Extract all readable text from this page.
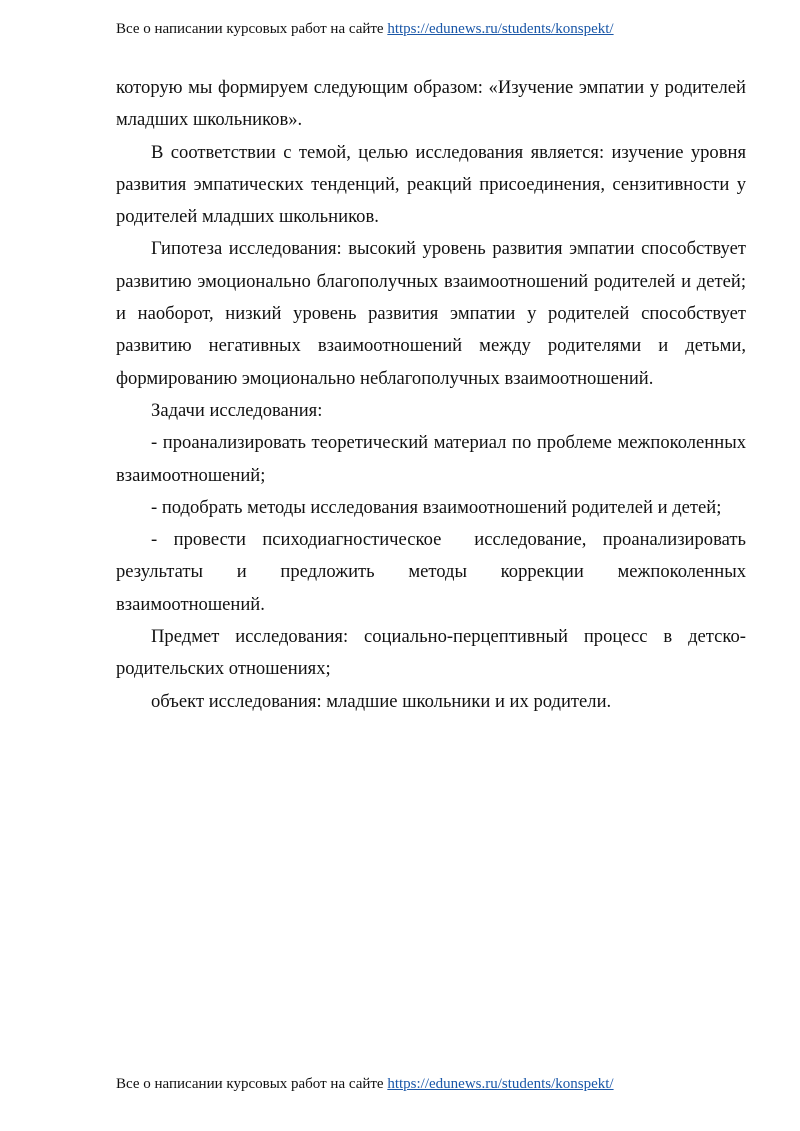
Все о написании курсовых работ на сайте https://edunews.ru/students/konspekt/

которую мы формируем следующим образом: «Изучение эмпатии у родителей младших школьников».

В соответствии с темой, целью исследования является: изучение уровня развития эмпатических тенденций, реакций присоединения, сензитивности у родителей младших школьников.

Гипотеза исследования: высокий уровень развития эмпатии способствует развитию эмоционально благополучных взаимоотношений родителей и детей; и наоборот, низкий уровень развития эмпатии у родителей способствует развитию негативных взаимоотношений между родителями и детьми, формированию эмоционально неблагополучных взаимоотношений.

Задачи исследования:

- проанализировать теоретический материал по проблеме межпоколенных  взаимоотношений;

- подобрать методы исследования взаимоотношений родителей и детей;

- провести психодиагностическое  исследование, проанализировать результаты и предложить методы коррекции межпоколенных взаимоотношений.

Предмет исследования: социально-перцептивный процесс в детско-родительских отношениях;

объект исследования: младшие школьники и их родители.

Все о написании курсовых работ на сайте https://edunews.ru/students/konspekt/
